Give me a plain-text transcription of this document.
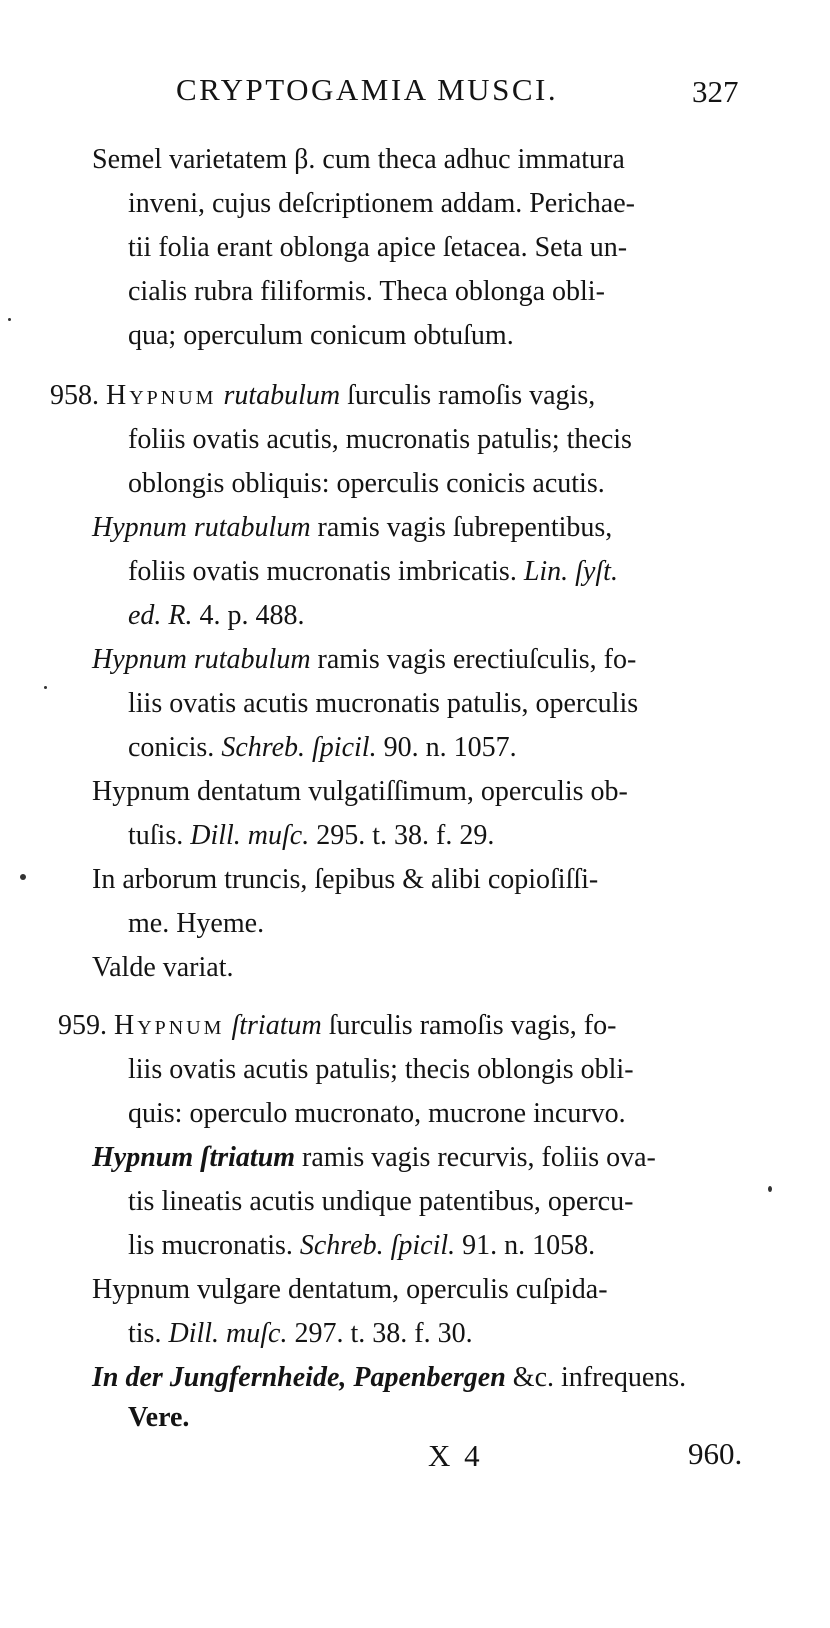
CRYPTOGAMIA MUSCI.	327
Semel varietatem β. cum theca adhuc immatura
inveni, cujus deſcriptionem addam. Perichae-
tii folia erant oblonga apice ſetacea. Seta un-
cialis rubra filiformis. Theca oblonga obli-
qua; operculum conicum obtuſum.
958. Hypnum rutabulum ſurculis ramoſis vagis,
foliis ovatis acutis, mucronatis patulis; thecis
oblongis obliquis: operculis conicis acutis.
Hypnum rutabulum ramis vagis ſubrepentibus,
foliis ovatis mucronatis imbricatis. Lin. ſyſt.
ed. R. 4. p. 488.
Hypnum rutabulum ramis vagis erectiuſculis, fo-
liis ovatis acutis mucronatis patulis, operculis
conicis. Schreb. ſpicil. 90. n. 1057.
Hypnum dentatum vulgatiſſimum, operculis ob-
tuſis. Dill. muſc. 295. t. 38. f. 29.
In arborum truncis, ſepibus & alibi copioſiſſi-
me. Hyeme.
Valde variat.
959. Hypnum ſtriatum ſurculis ramoſis vagis, fo-
liis ovatis acutis patulis; thecis oblongis obli-
quis: operculo mucronato, mucrone incurvo.
Hypnum ſtriatum ramis vagis recurvis, foliis ova-
tis lineatis acutis undique patentibus, opercu-
lis mucronatis. Schreb. ſpicil. 91. n. 1058.
Hypnum vulgare dentatum, operculis cuſpida-
tis. Dill. muſc. 297. t. 38. f. 30.
In der Jungfernheide, Papenbergen &c. infrequens.
Vere.
X 4	960.
